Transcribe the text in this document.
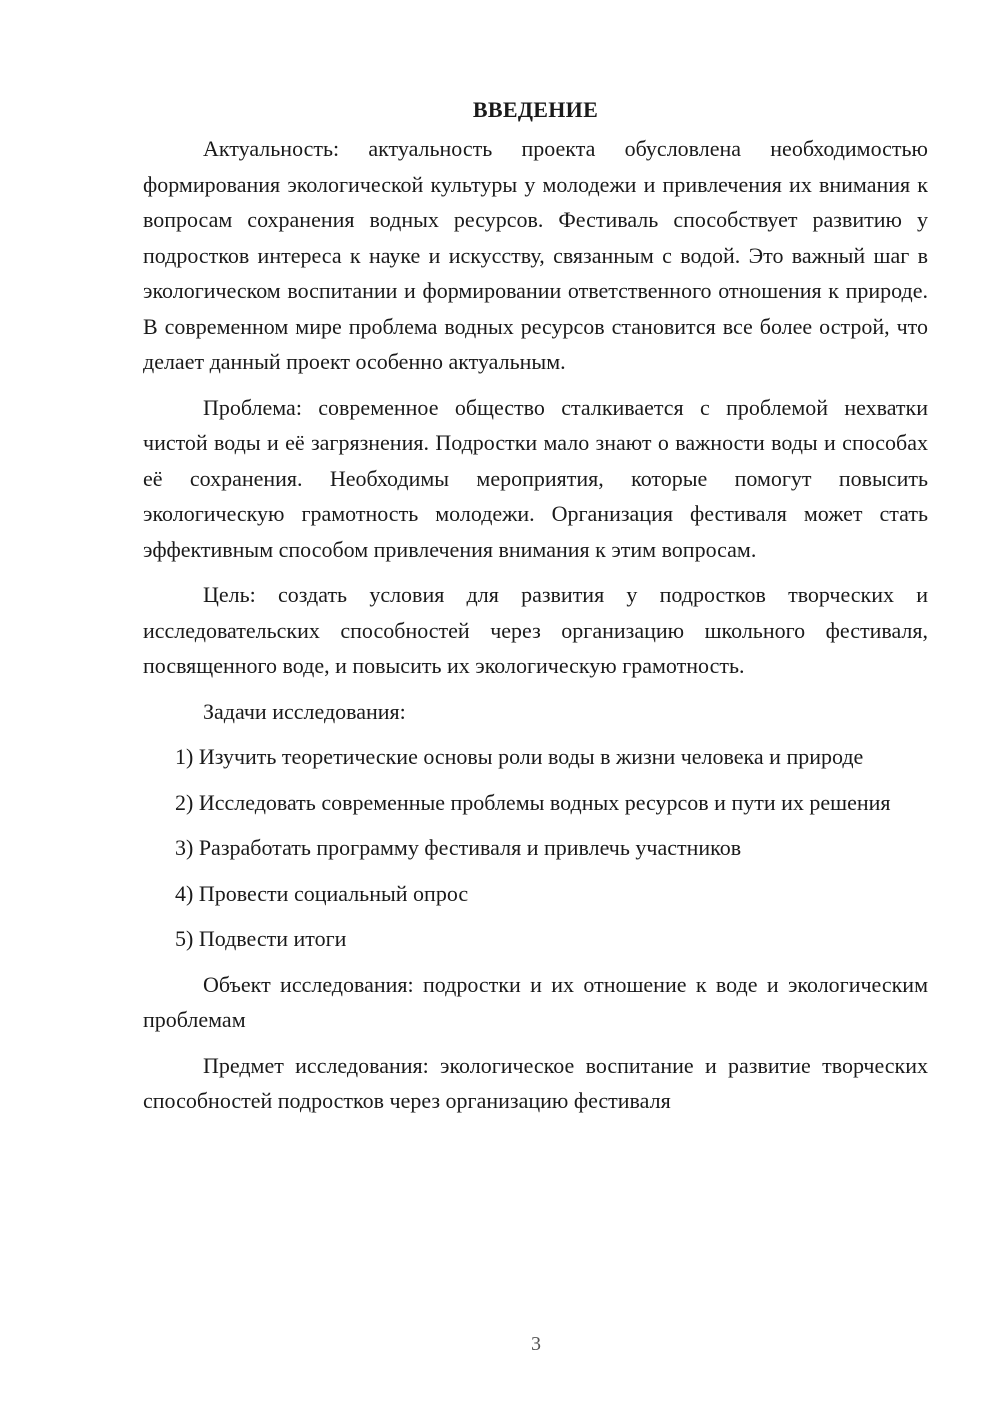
ВВЕДЕНИЕ

Актуальность: актуальность проекта обусловлена необходимостью формирования экологической культуры у молодежи и привлечения их внимания к вопросам сохранения водных ресурсов. Фестиваль способствует развитию у подростков интереса к науке и искусству, связанным с водой. Это важный шаг в экологическом воспитании и формировании ответственного отношения к природе. В современном мире проблема водных ресурсов становится все более острой, что делает данный проект особенно актуальным.

Проблема: современное общество сталкивается с проблемой нехватки чистой воды и её загрязнения. Подростки мало знают о важности воды и способах её сохранения. Необходимы мероприятия, которые помогут повысить экологическую грамотность молодежи. Организация фестиваля может стать эффективным способом привлечения внимания к этим вопросам.

Цель: создать условия для развития у подростков творческих и исследовательских способностей через организацию школьного фестиваля, посвященного воде, и повысить их экологическую грамотность.

Задачи исследования:

1) Изучить теоретические основы роли воды в жизни человека и природе

2) Исследовать современные проблемы водных ресурсов и пути их решения

3) Разработать программу фестиваля и привлечь участников

4) Провести социальный опрос

5) Подвести итоги

Объект исследования: подростки и их отношение к воде и экологическим проблемам

Предмет исследования: экологическое воспитание и развитие творческих способностей подростков через организацию фестиваля

3
